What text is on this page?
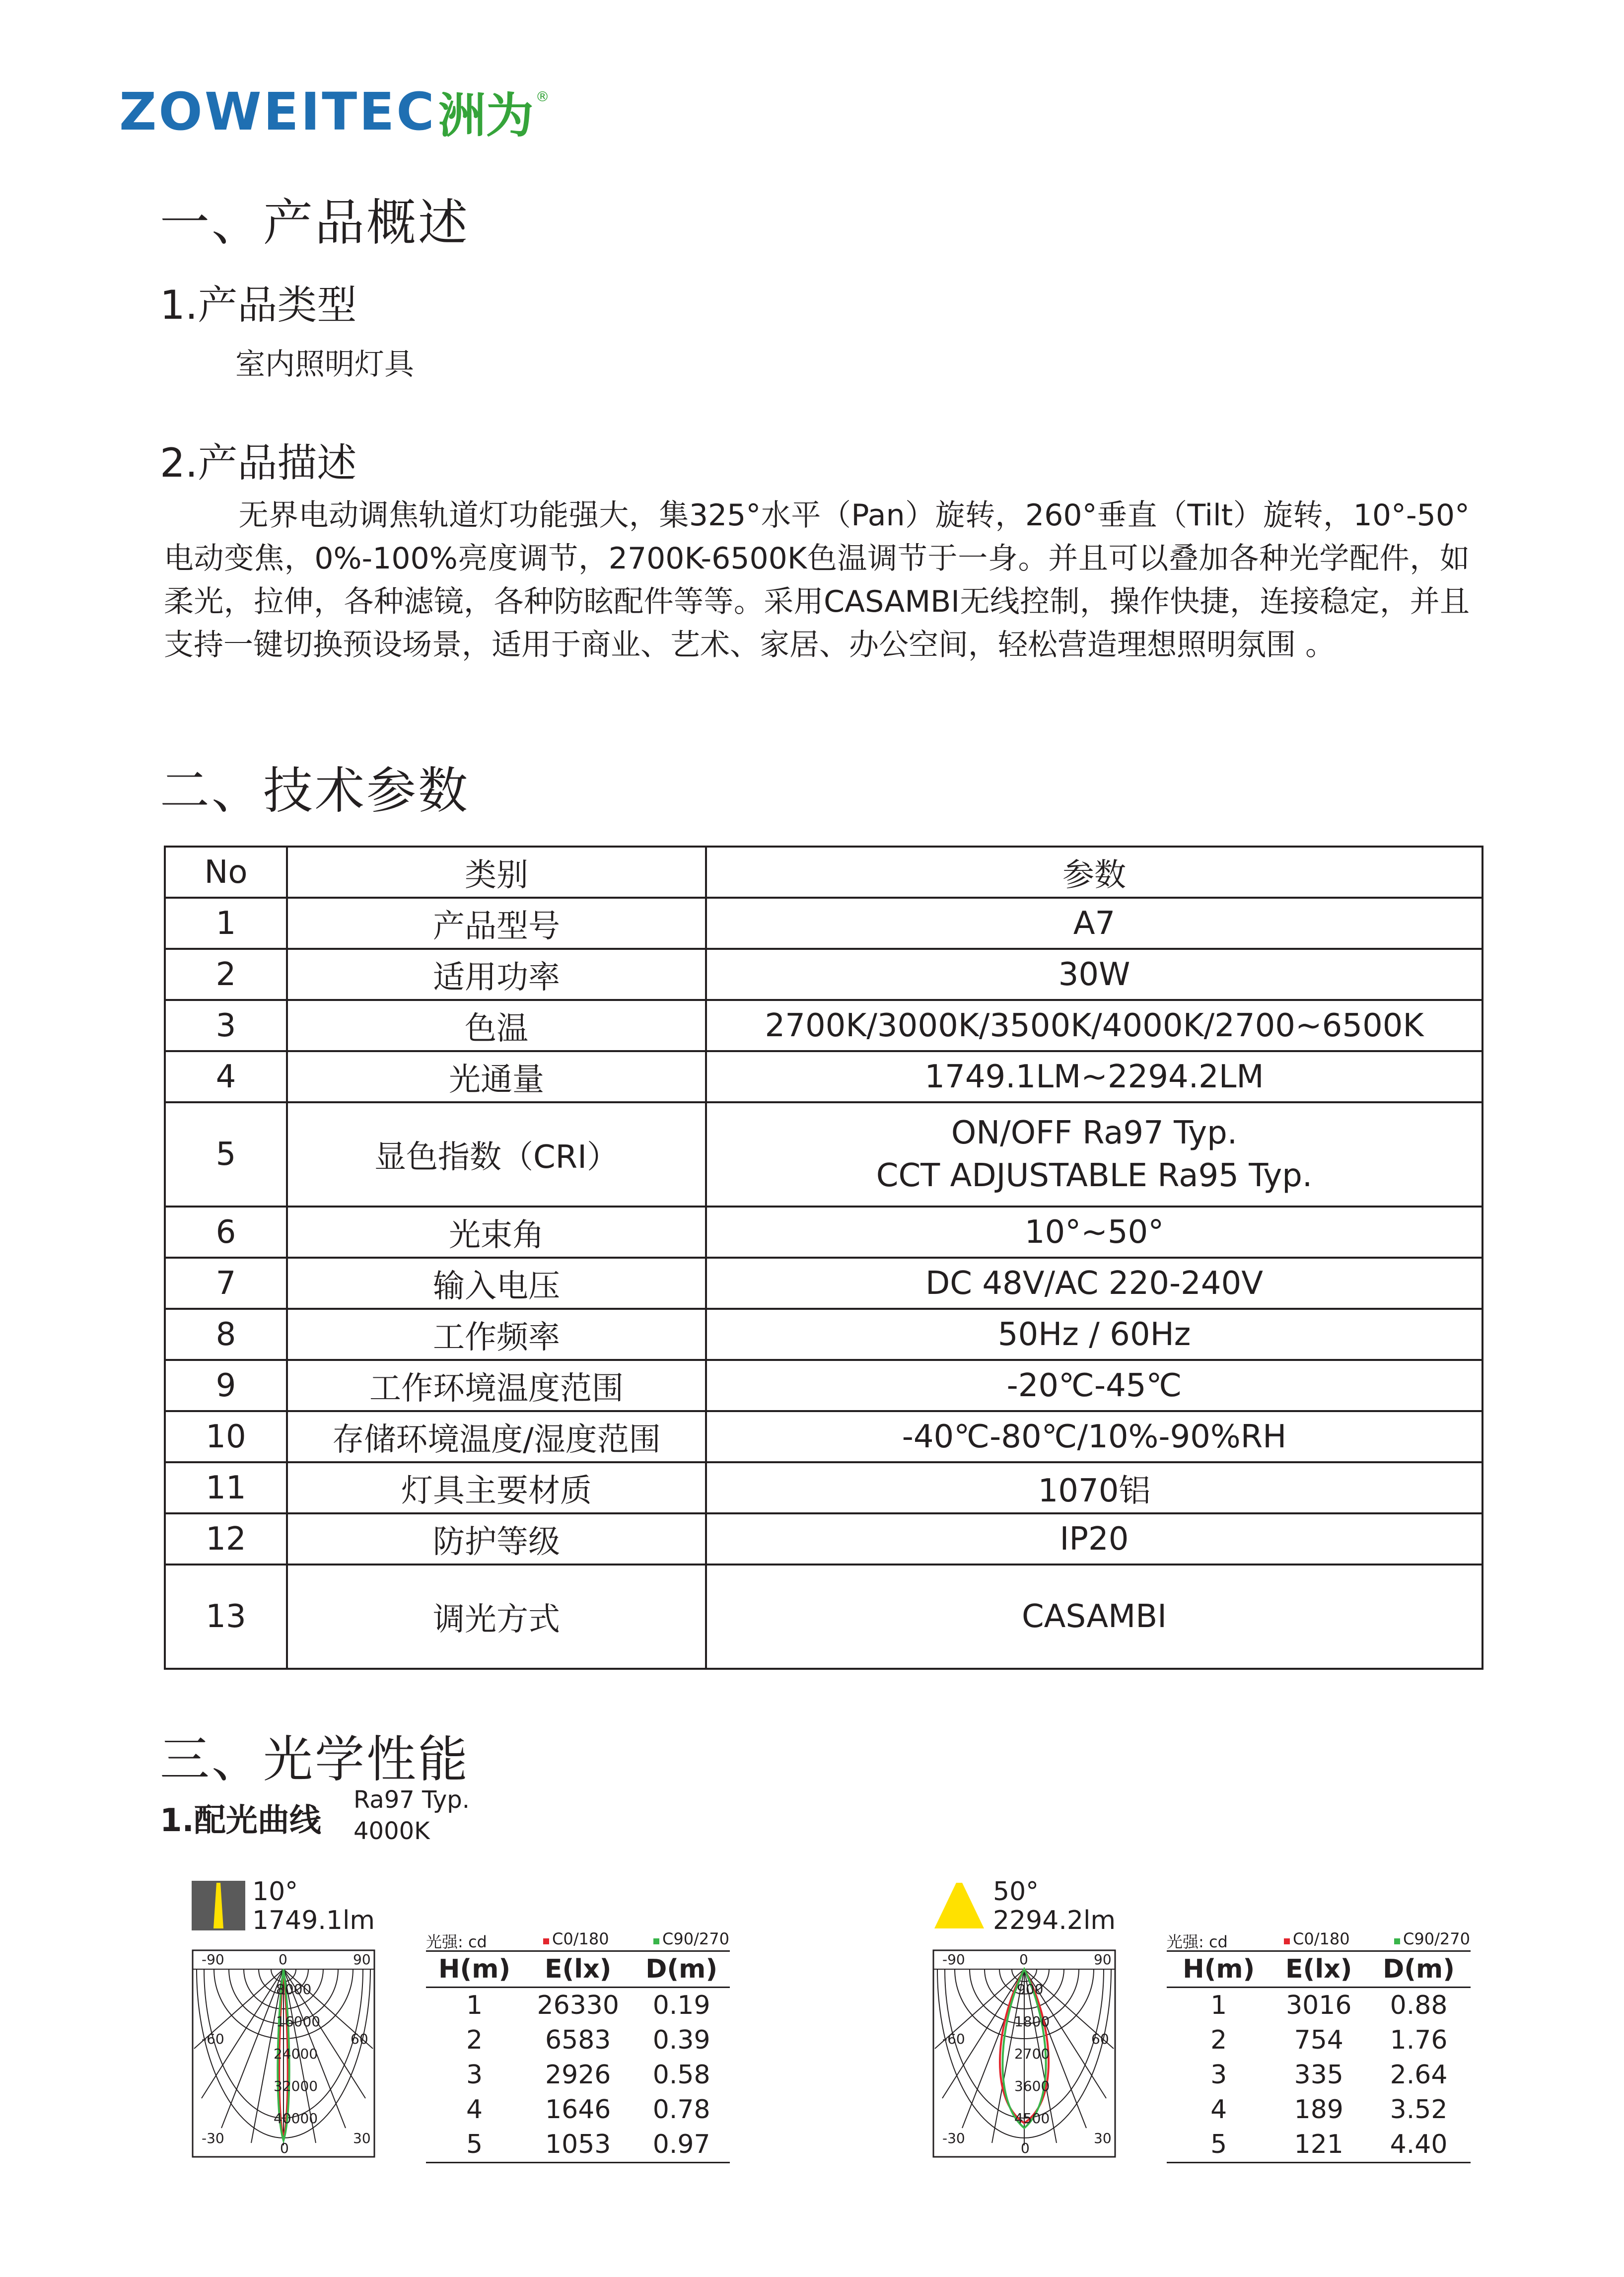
ZOWEITEC 洲为 ®
一、产品概述
1.产品类型
室内照明灯具
2.产品描述
无界电动调焦轨道灯功能强大，集325°水平（Pan）旋转，260°垂直（Tilt）旋转，10°-50°电动变焦，0%-100%亮度调节，2700K-6500K色温调节于一身。并且可以叠加各种光学配件，如柔光，拉伸，各种滤镜，各种防眩配件等等。采用CASAMBI无线控制，操作快捷，连接稳定，并且支持一键切换预设场景，适用于商业、艺术、家居、办公空间，轻松营造理想照明氛围 。
二、技术参数
No	类别	参数
1	产品型号	A7
2	适用功率	30W
3	色温	2700K/3000K/3500K/4000K/2700~6500K
4	光通量	1749.1LM~2294.2LM
5	显色指数（CRI）	ON/OFF Ra97 Typ.
CCT ADJUSTABLE Ra95 Typ.

6	光束角	10°~50°
7	输入电压	DC 48V/AC 220-240V
8	工作频率	50Hz / 60Hz
9	工作环境温度范围	-20℃-45℃
10	存储环境温度/湿度范围	-40℃-80℃/10%-90%RH
11	灯具主要材质	1070铝
12	防护等级	IP20
13	调光方式	CASAMBI
三、光学性能
1.配光曲线
Ra97 Typ.
4000K
10°
1749.1lm
-90	0	90
-60	60
-30
0
30
8000
16000
24000
32000
40000
光强: cd	C0/180	C90/270
H(m)	E(lx)	D(m)
1	26330	0.19
2	6583	0.39
3	2926	0.58
4	1646	0.78
5	1053	0.97
50°
2294.2lm
-90	0	90
-60	60
-30
0
30
900
1800
2700
3600
4500
光强: cd	C0/180	C90/270
H(m)	E(lx)	D(m)
1	3016	0.88
2	754	1.76
3	335	2.64
4	189	3.52
5	121	4.40
